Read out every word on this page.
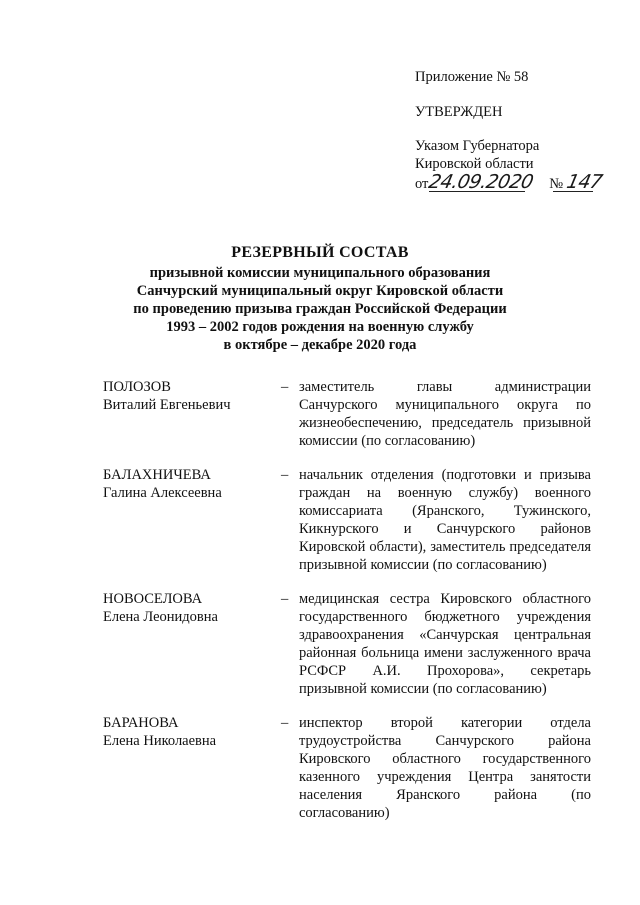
Приложение № 58
УТВЕРЖДЕН
Указом Губернатора
Кировской области
от24.09.2020 №147
РЕЗЕРВНЫЙ СОСТАВ
призывной комиссии муниципального образования
Санчурский муниципальный округ Кировской области
по проведению призыва граждан Российской Федерации
1993 – 2002 годов рождения на военную службу
в октябре – декабре 2020 года
ПОЛОЗОВ
Виталий Евгеньевич
– заместитель главы администрации Санчурского муниципального округа по жизнеобеспечению, председатель призывной комиссии (по согласованию)
БАЛАХНИЧЕВА
Галина Алексеевна
– начальник отделения (подготовки и призыва граждан на военную службу) военного комиссариата (Яранского, Тужинского, Кикнурского и Санчурского районов Кировской области), заместитель председателя призывной комиссии (по согласованию)
НОВОСЕЛОВА
Елена Леонидовна
– медицинская сестра Кировского областного государственного бюджетного учреждения здравоохранения «Санчурская центральная районная больница имени заслуженного врача РСФСР А.И. Прохорова», секретарь призывной комиссии (по согласованию)
БАРАНОВА
Елена Николаевна
– инспектор второй категории отдела трудоустройства Санчурского района Кировского областного государственного казенного учреждения Центра занятости населения Яранского района (по согласованию)
